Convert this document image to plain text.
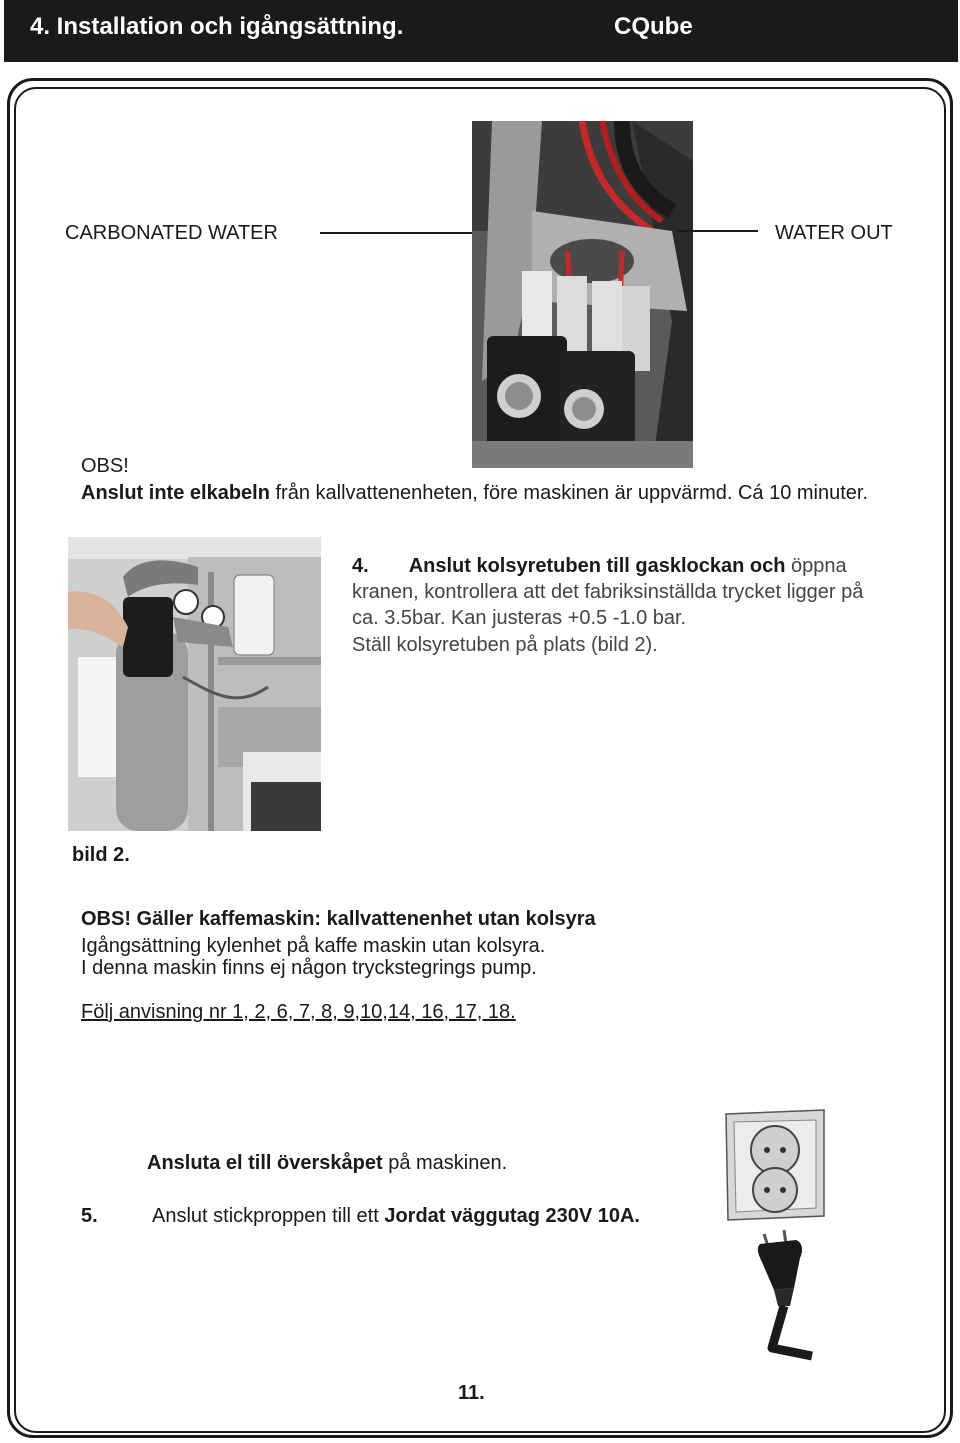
4. Installation och igångsättning.	CQube
CARBONATED WATER	WATER OUT
OBS!
Anslut inte elkabeln från kallvattenenheten, före maskinen är uppvärmd. Cá 10 minuter.
4. Anslut kolsyretuben till gasklockan och öppna
kranen, kontrollera att det fabriksinställda trycket ligger på
ca. 3.5bar. Kan justeras +0.5 -1.0 bar.
Ställ kolsyretuben på plats (bild 2).
bild 2.
OBS! Gäller kaffemaskin: kallvattenenhet utan kolsyra
Igångsättning kylenhet på kaffe maskin utan kolsyra.
I denna maskin finns ej någon tryckstegrings pump.
Följ anvisning nr 1, 2, 6, 7, 8, 9,10,14, 16, 17, 18.
Ansluta el till överskåpet på maskinen.
5.	Anslut stickproppen till ett Jordat väggutag 230V 10A.
11.
